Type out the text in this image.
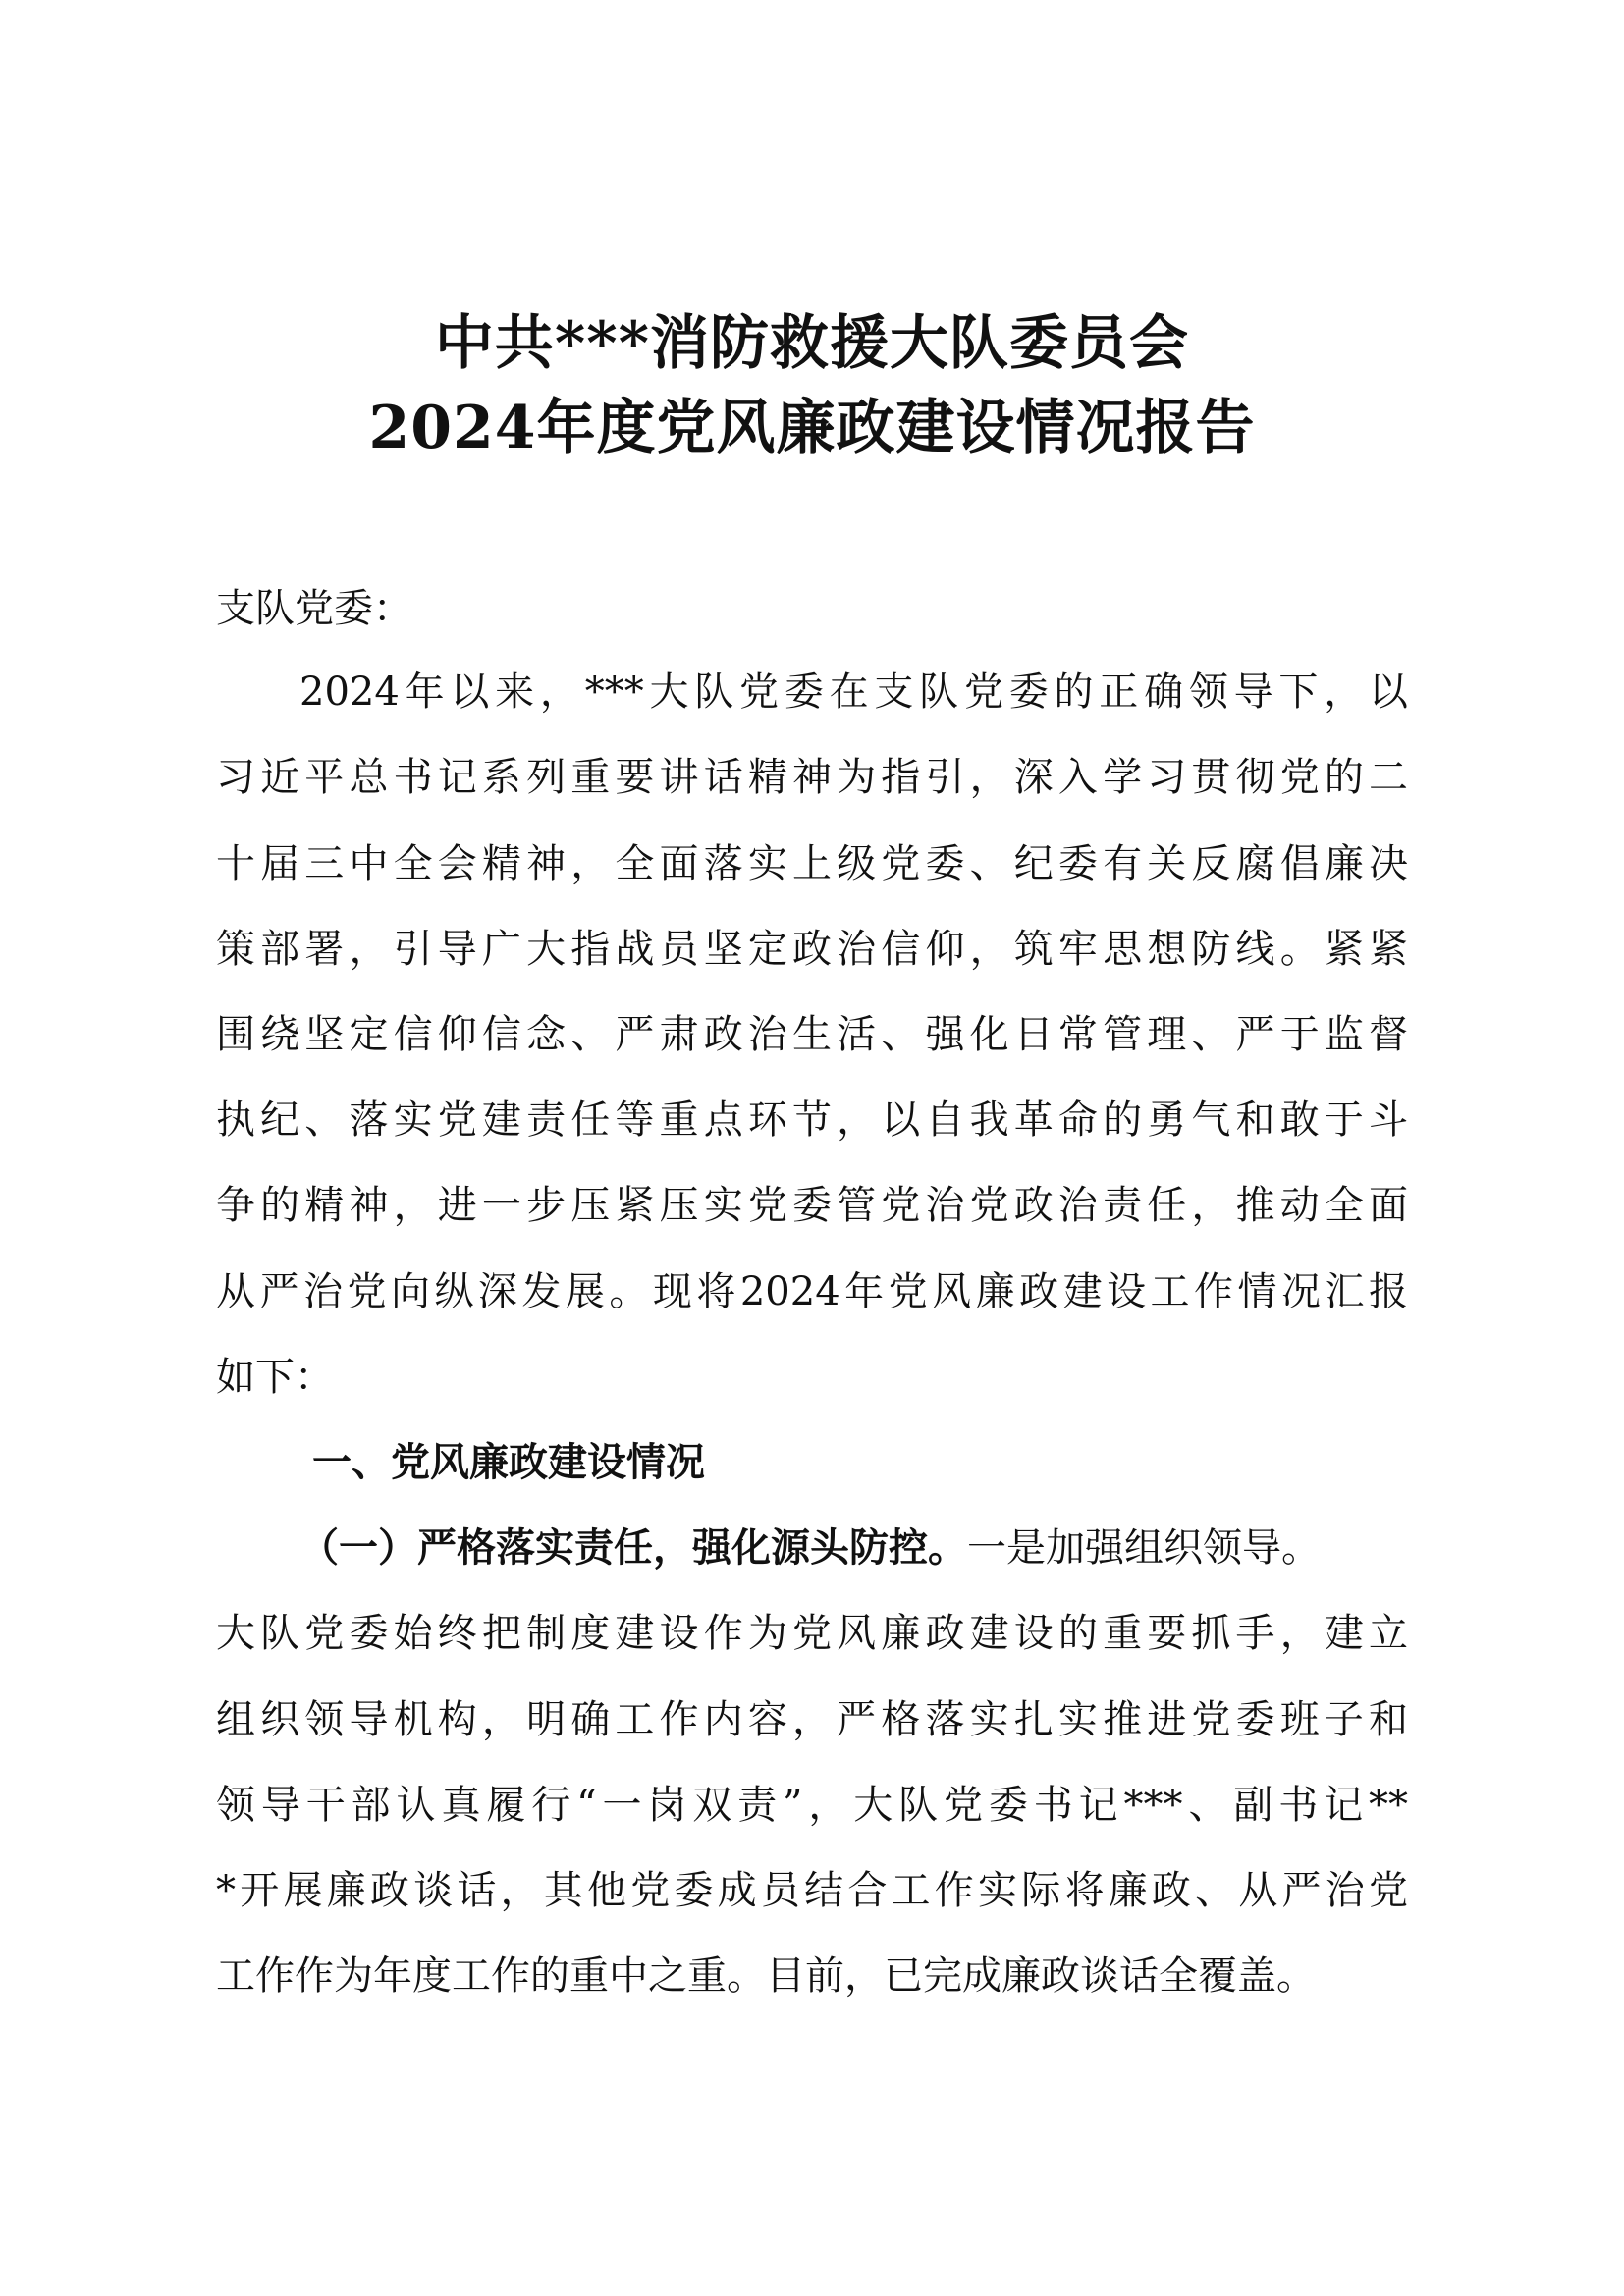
中共***消防救援大队委员会
2024年度党风廉政建设情况报告
支队党委：
2024年以来，***大队党委在支队党委的正确领导下，以
习近平总书记系列重要讲话精神为指引，深入学习贯彻党的二
十届三中全会精神，全面落实上级党委、纪委有关反腐倡廉决
策部署，引导广大指战员坚定政治信仰，筑牢思想防线。紧紧
围绕坚定信仰信念、严肃政治生活、强化日常管理、严于监督
执纪、落实党建责任等重点环节，以自我革命的勇气和敢于斗
争的精神，进一步压紧压实党委管党治党政治责任，推动全面
从严治党向纵深发展。现将2024年党风廉政建设工作情况汇报
如下：
一、党风廉政建设情况
（一）严格落实责任，强化源头防控。一是加强组织领导。
大队党委始终把制度建设作为党风廉政建设的重要抓手，建立
组织领导机构，明确工作内容，严格落实扎实推进党委班子和
领导干部认真履行“一岗双责”，大队党委书记***、副书记**
*开展廉政谈话，其他党委成员结合工作实际将廉政、从严治党
工作作为年度工作的重中之重。目前，已完成廉政谈话全覆盖。
